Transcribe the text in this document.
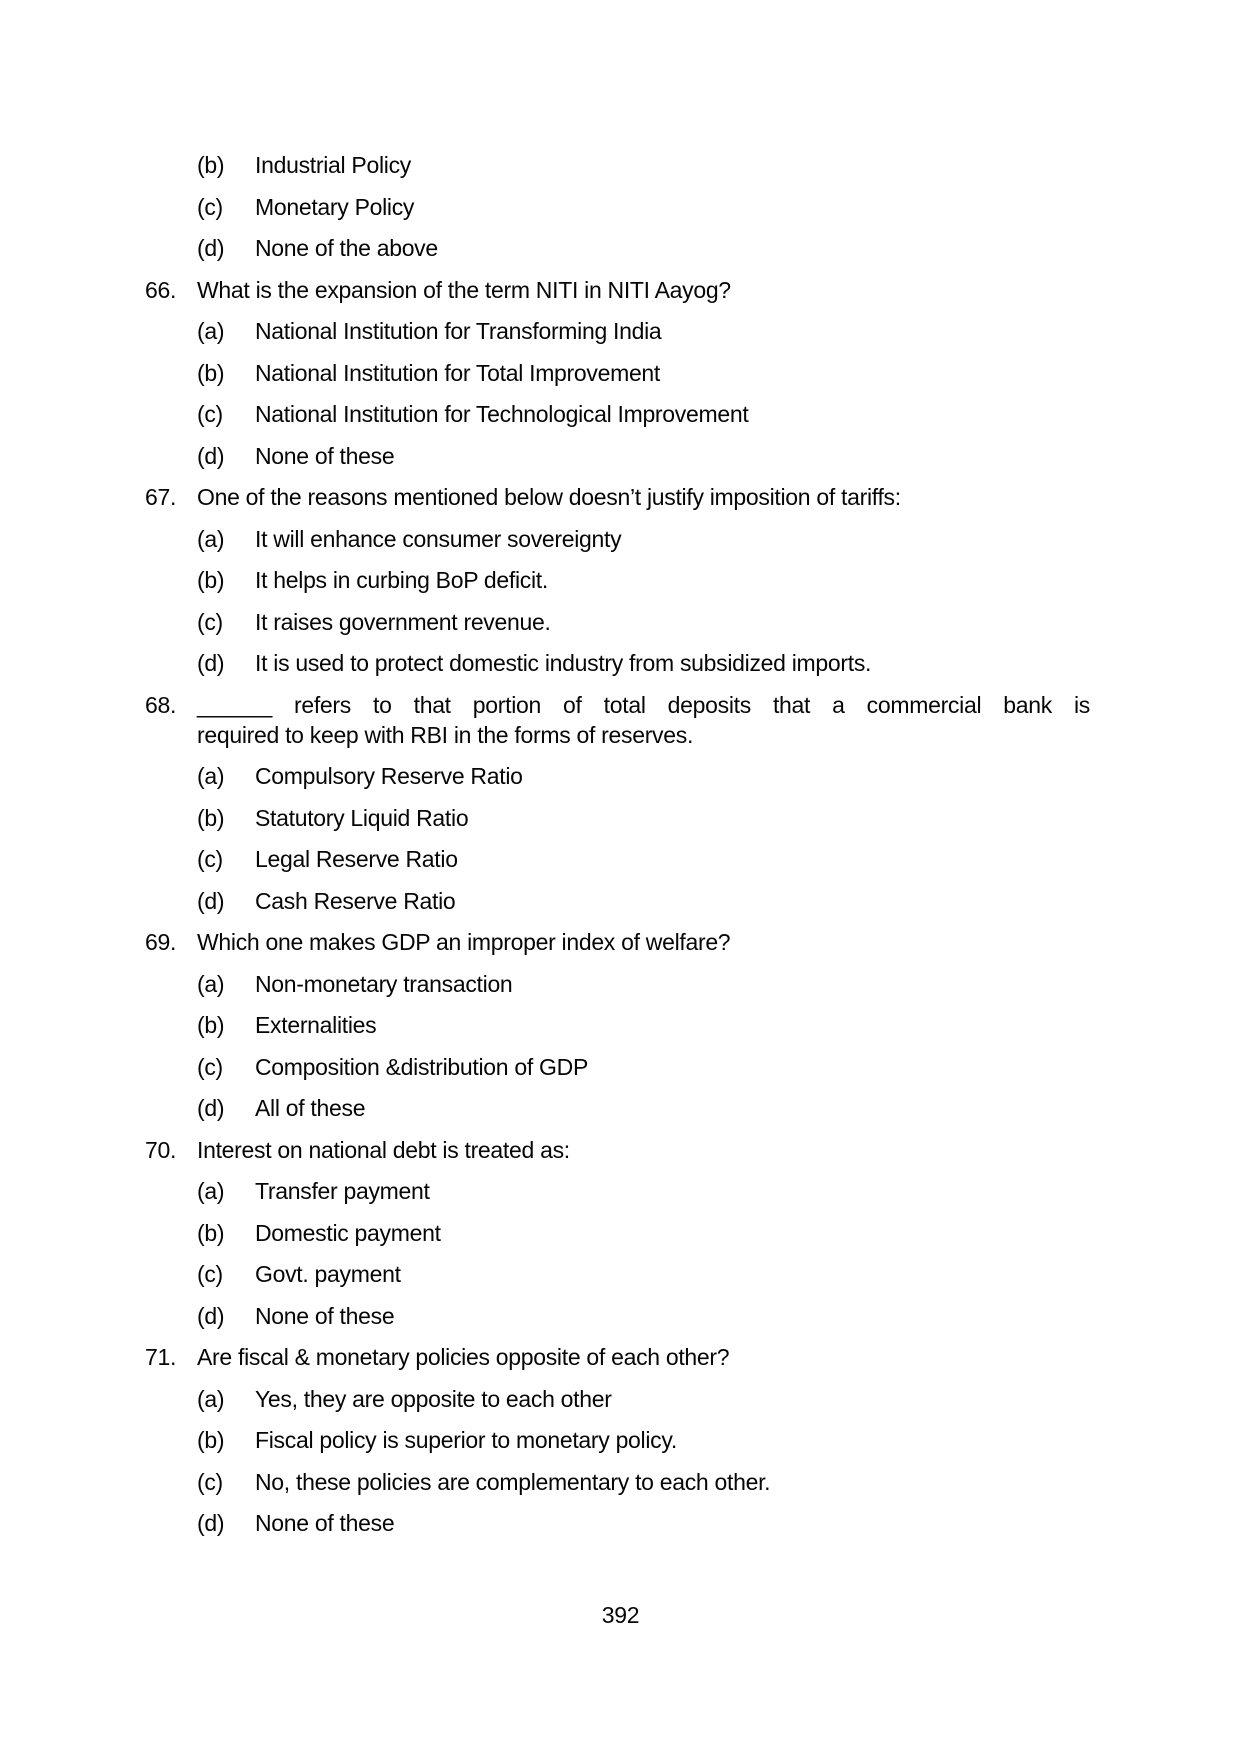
(b)	Industrial Policy
(c)	Monetary Policy
(d)	None of the above
66. What is the expansion of the term NITI in NITI Aayog?
(a)	National Institution for Transforming India
(b)	National Institution for Total Improvement
(c)	National Institution for Technological Improvement
(d)	None of these
67. One of the reasons mentioned below doesn’t justify imposition of tariffs:
(a)	It will enhance consumer sovereignty
(b)	It helps in curbing BoP deficit.
(c)	It raises government revenue.
(d)	It is used to protect domestic industry from subsidized imports.
68. ______ refers to that portion of total deposits that a commercial bank is
required to keep with RBI in the forms of reserves.
(a)	Compulsory Reserve Ratio
(b)	Statutory Liquid Ratio
(c)	Legal Reserve Ratio
(d)	Cash Reserve Ratio
69. Which one makes GDP an improper index of welfare?
(a)	Non-monetary transaction
(b)	Externalities
(c)	Composition &distribution of GDP
(d)	All of these
70. Interest on national debt is treated as:
(a)	Transfer payment
(b)	Domestic payment
(c)	Govt. payment
(d)	None of these
71. Are fiscal & monetary policies opposite of each other?
(a)	Yes, they are opposite to each other
(b)	Fiscal policy is superior to monetary policy.
(c)	No, these policies are complementary to each other.
(d)	None of these
392
